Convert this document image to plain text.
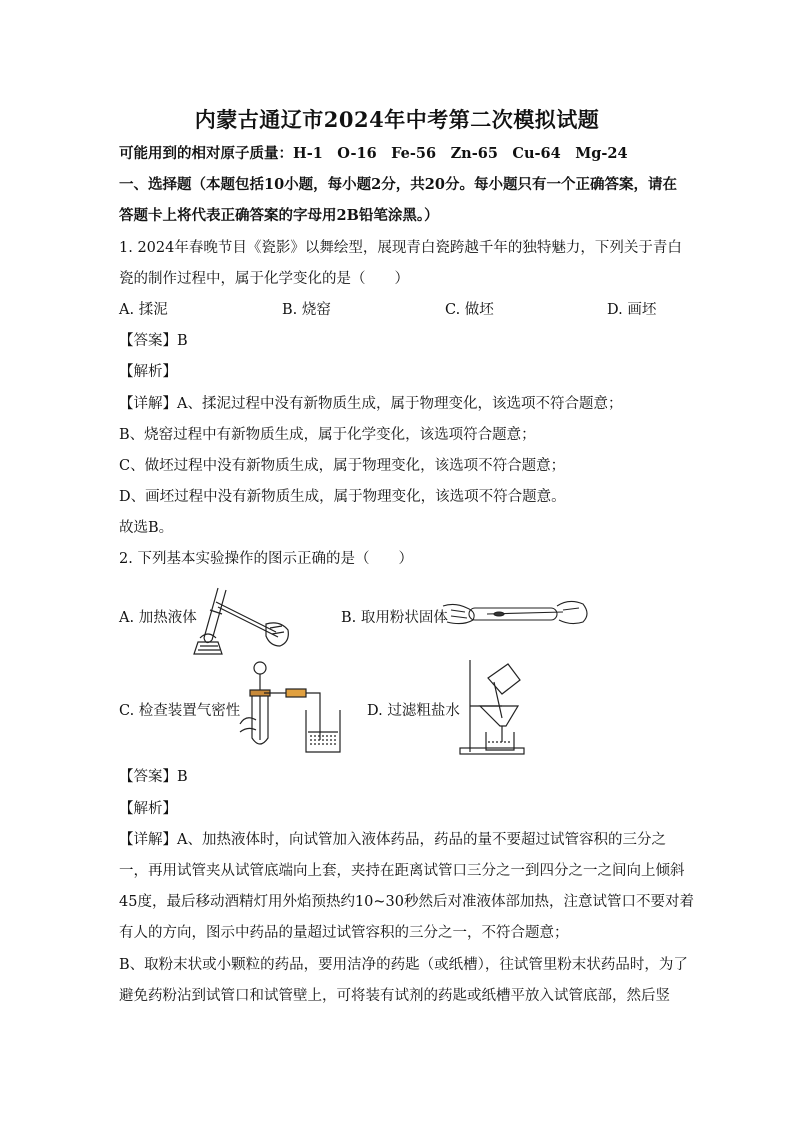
内蒙古通辽市2024年中考第二次模拟试题
可能用到的相对原子质量：H-1　O-16　Fe-56　Zn-65　Cu-64　Mg-24
一、选择题（本题包括10小题，每小题2分，共20分。每小题只有一个正确答案，请在
答题卡上将代表正确答案的字母用2B铅笔涂黑。）
1. 2024年春晚节目《瓷影》以舞绘型，展现青白瓷跨越千年的独特魅力，下列关于青白
瓷的制作过程中，属于化学变化的是（　　）
A. 揉泥	B. 烧窑	C. 做坯	D. 画坯
【答案】B
【解析】
【详解】A、揉泥过程中没有新物质生成，属于物理变化，该选项不符合题意；
B、烧窑过程中有新物质生成，属于化学变化，该选项符合题意；
C、做坯过程中没有新物质生成，属于物理变化，该选项不符合题意；
D、画坯过程中没有新物质生成，属于物理变化，该选项不符合题意。
故选B。
2. 下列基本实验操作的图示正确的是（　　）
A. 加热液体	B. 取用粉状固体
C. 检查装置气密性	D. 过滤粗盐水
【答案】B
【解析】
【详解】A、加热液体时，向试管加入液体药品，药品的量不要超过试管容积的三分之
一，再用试管夹从试管底端向上套，夹持在距离试管口三分之一到四分之一之间向上倾斜
45度，最后移动酒精灯用外焰预热约10~30秒然后对准液体部加热，注意试管口不要对着
有人的方向，图示中药品的量超过试管容积的三分之一，不符合题意；
B、取粉末状或小颗粒的药品，要用洁净的药匙（或纸槽），往试管里粉末状药品时，为了
避免药粉沾到试管口和试管壁上，可将装有试剂的药匙或纸槽平放入试管底部，然后竖
